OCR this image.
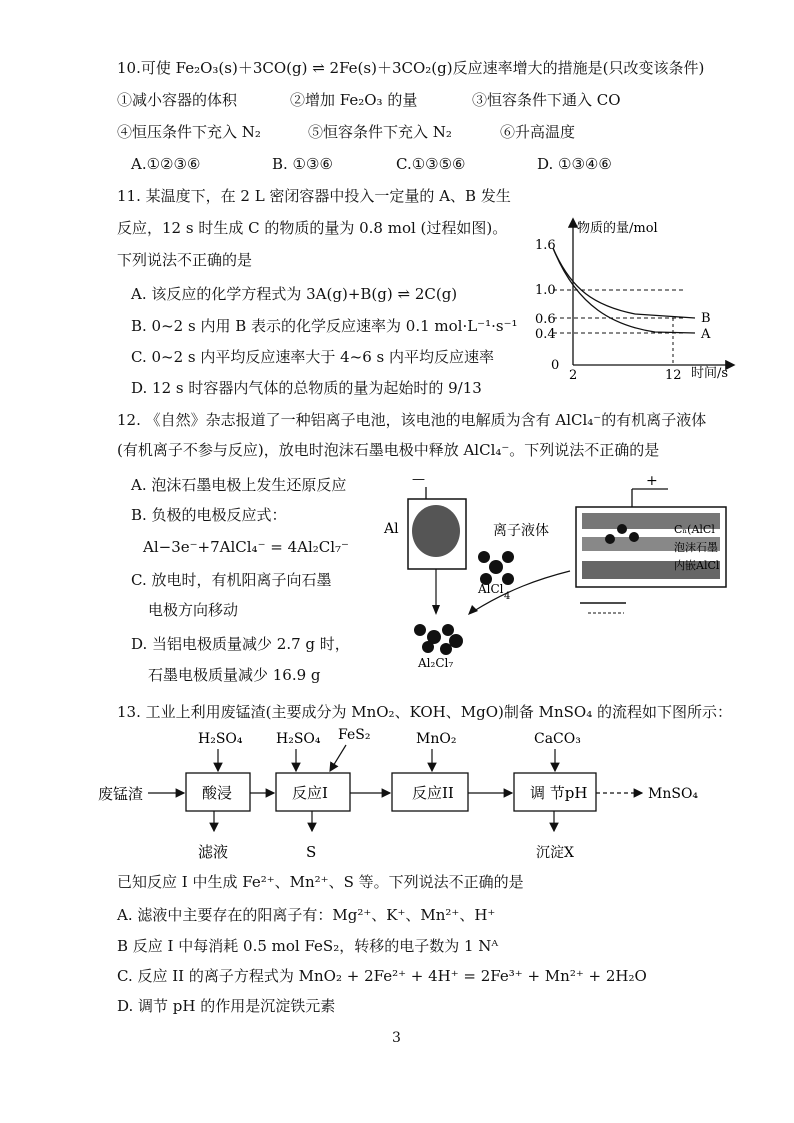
10.可使 Fe₂O₃(s)＋3CO(g) ⇌ 2Fe(s)＋3CO₂(g)反应速率增大的措施是(只改变该条件)
①减小容器的体积	②增加 Fe₂O₃ 的量	③恒容条件下通入 CO
④恒压条件下充入 N₂	⑤恒容条件下充入 N₂	⑥升高温度
A.①②③⑥	B. ①③⑥	C.①③⑤⑥	D. ①③④⑥
11. 某温度下，在 2 L 密闭容器中投入一定量的 A、B 发生
反应，12 s 时生成 C 的物质的量为 0.8 mol (过程如图)。
下列说法不正确的是
A. 该反应的化学方程式为 3A(g)+B(g) ⇌ 2C(g)
B. 0~2 s 内用 B 表示的化学反应速率为 0.1 mol·L⁻¹·s⁻¹
C. 0~2 s 内平均反应速率大于 4~6 s 内平均反应速率
D. 12 s 时容器内气体的总物质的量为起始时的 9/13
物质的量/mol
时间/s
1.6
1.0
0.6
0.4
0
2	12
B
A
12. 《自然》杂志报道了一种铝离子电池，该电池的电解质为含有 AlCl₄⁻的有机离子液体
(有机离子不参与反应)，放电时泡沫石墨电极中释放 AlCl₄⁻。下列说法不正确的是
A. 泡沫石墨电极上发生还原反应
B. 负极的电极反应式：
Al−3e⁻+7AlCl₄⁻ = 4Al₂Cl₇⁻
C. 放电时，有机阳离子向石墨
电极方向移动
D. 当铝电极质量减少 2.7 g 时，
石墨电极质量减少 16.9 g
—
Al	离子液体
AlCl
4
Al₂Cl₇
+
Cₙ(AlCl
泡沫石墨
内嵌AlCl
13. 工业上利用废锰渣(主要成分为 MnO₂、KOH、MgO)制备 MnSO₄ 的流程如下图所示：
H₂SO₄ H₂SO₄ FeS₂	MnO₂	CaCO₃
废锰渣	酸浸	反应I	反应II	调 节pH	MnSO₄
滤液	S	沉淀X
已知反应 I 中生成 Fe²⁺、Mn²⁺、S 等。下列说法不正确的是
A. 滤液中主要存在的阳离子有：Mg²⁺、K⁺、Mn²⁺、H⁺
B 反应 I 中每消耗 0.5 mol FeS₂，转移的电子数为 1 Nᴬ
C. 反应 II 的离子方程式为 MnO₂ + 2Fe²⁺ + 4H⁺ = 2Fe³⁺ + Mn²⁺ + 2H₂O
D. 调节 pH 的作用是沉淀铁元素
3
